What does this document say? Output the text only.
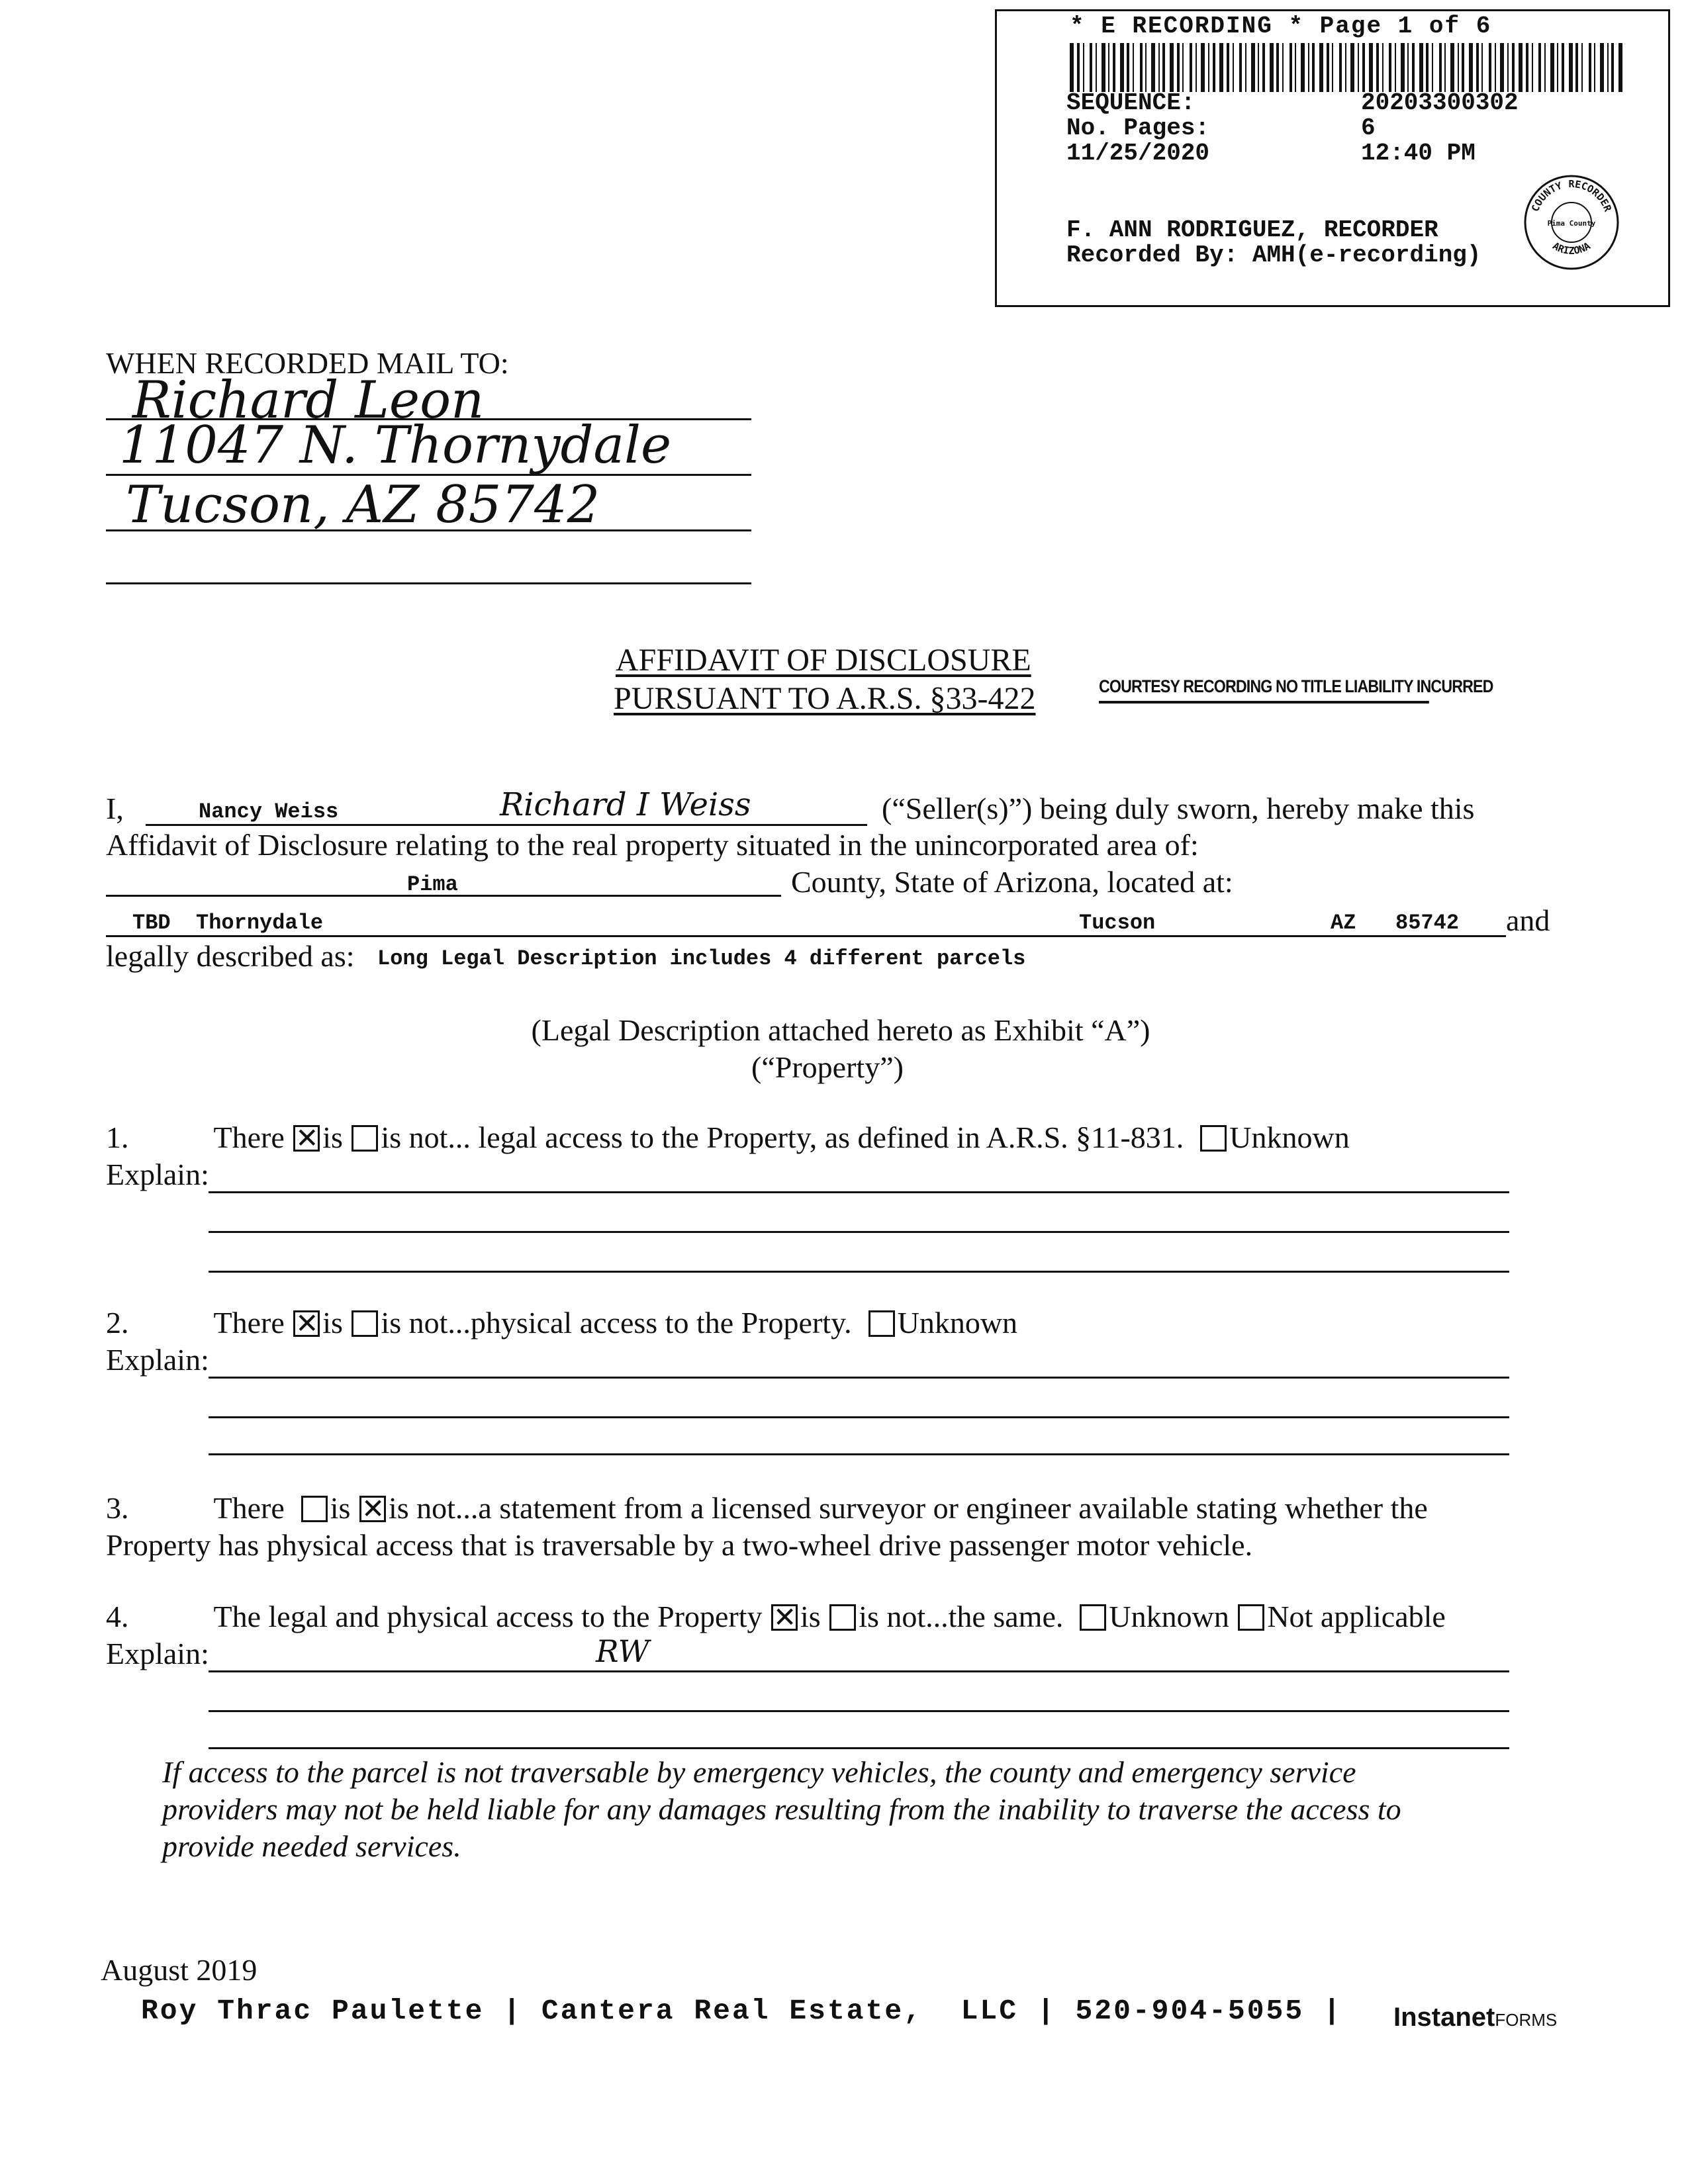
* E RECORDING * Page 1 of 6
SEQUENCE:	20203300302
No. Pages:	6
11/25/2020	12:40 PM
F. ANN RODRIGUEZ, RECORDER
Recorded By: AMH(e-recording)
COUNTY RECORDER
ARIZONA
Pima County
WHEN RECORDED MAIL TO:
Richard Leon
11047 N. Thornydale
Tucson, AZ 85742
AFFIDAVIT OF DISCLOSURE
PURSUANT TO A.R.S. §33-422	COURTESY RECORDING NO TITLE LIABILITY INCURRED
I,	Nancy Weiss	Richard I Weiss	(“Seller(s)”) being duly sworn, hereby make this
Affidavit of Disclosure relating to the real property situated in the unincorporated area of:
Pima	County, State of Arizona, located at:
TBD  Thornydale	Tucson	AZ 85742 and
legally described as: Long Legal Description includes 4 different parcels
(Legal Description attached hereto as Exhibit “A”)
(“Property”)
1.	There ✕ is is not... legal access to the Property, as defined in A.R.S. §11-831. Unknown
Explain:
2.	There ✕ is is not...physical access to the Property. Unknown
Explain:
3.	There is ✕ is not...a statement from a licensed surveyor or engineer available stating whether the
Property has physical access that is traversable by a two-wheel drive passenger motor vehicle.
4.	The legal and physical access to the Property ✕ is is not...the same. Unknown Not applicable
Explain:	RW
If access to the parcel is not traversable by emergency vehicles, the county and emergency service
providers may not be held liable for any damages resulting from the inability to traverse the access to
provide needed services.
August 2019
Roy Thrac Paulette | Cantera Real Estate,  LLC | 520-904-5055 | InstanetFORMS
